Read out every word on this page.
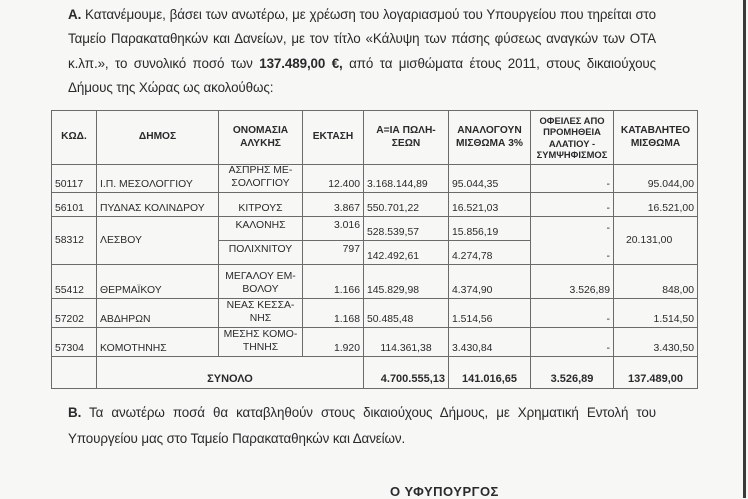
Α. Κατανέμουμε, βάσει των ανωτέρω, με χρέωση του λογαριασμού του Υπουργείου που τηρείται στο Ταμείο Παρακαταθηκών και Δανείων, με τον τίτλο «Κάλυψη των πάσης φύσεως αναγκών των ΟΤΑ κ.λπ.», το συνολικό ποσό των 137.489,00 €, από τα μισθώματα έτους 2011, στους δικαιούχους Δήμους της Χώρας ως ακολούθως:
ΚΩΔ.	ΔΗΜΟΣ	ΟΝΟΜΑΣΙΑ ΑΛΥΚΗΣ	ΕΚΤΑΣΗ	Α=ΙΑ ΠΩΛΗ-ΣΕΩΝ	ΑΝΑΛΟΓΟΥΝ ΜΙΣΘΩΜΑ 3%	ΟΦΕΙΛΕΣ ΑΠΟ ΠΡΟΜΗΘΕΙΑ ΑΛΑΤΙΟΥ - ΣΥΜΨΗΦΙΣΜΟΣ	ΚΑΤΑΒΛΗΤΕΟ ΜΙΣΘΩΜΑ
50117	Ι.Π. ΜΕΣΟΛΟΓΓΙΟΥ	ΑΣΠΡΗΣ ΜΕ-ΣΟΛΟΓΓΙΟΥ	12.400	3.168.144,89	95.044,35	-	95.044,00
56101	ΠΥΔΝΑΣ ΚΟΛΙΝΔΡΟΥ	ΚΙΤΡΟΥΣ	3.867	550.701,22	16.521,03	-	16.521,00
58312	ΛΕΣΒΟΥ	ΚΑΛΟΝΗΣ	3.016	528.539,57	15.856,19	-	20.131,00
		ΠΟΛΙΧΝΙΤΟΥ	797	142.492,61	4.274,78	-	
55412	ΘΕΡΜΑΪΚΟΥ	ΜΕΓΑΛΟΥ ΕΜ-ΒΟΛΟΥ	1.166	145.829,98	4.374,90	3.526,89	848,00
57202	ΑΒΔΗΡΩΝ	ΝΕΑΣ ΚΕΣΣΑ-ΝΗΣ	1.168	50.485,48	1.514,56	-	1.514,50
57304	ΚΟΜΟΤΗΝΗΣ	ΜΕΣΗΣ ΚΟΜΟ-ΤΗΝΗΣ	1.920	114.361,38	3.430,84	-	3.430,50
	ΣΥΝΟΛΟ			4.700.555,13	141.016,65	3.526,89	137.489,00
Β. Τα ανωτέρω ποσά θα καταβληθούν στους δικαιούχους Δήμους, με Χρηματική Εντολή του Υπουργείου μας στο Ταμείο Παρακαταθηκών και Δανείων.
Ο ΥΦΥΠΟΥΡΓΟΣ
